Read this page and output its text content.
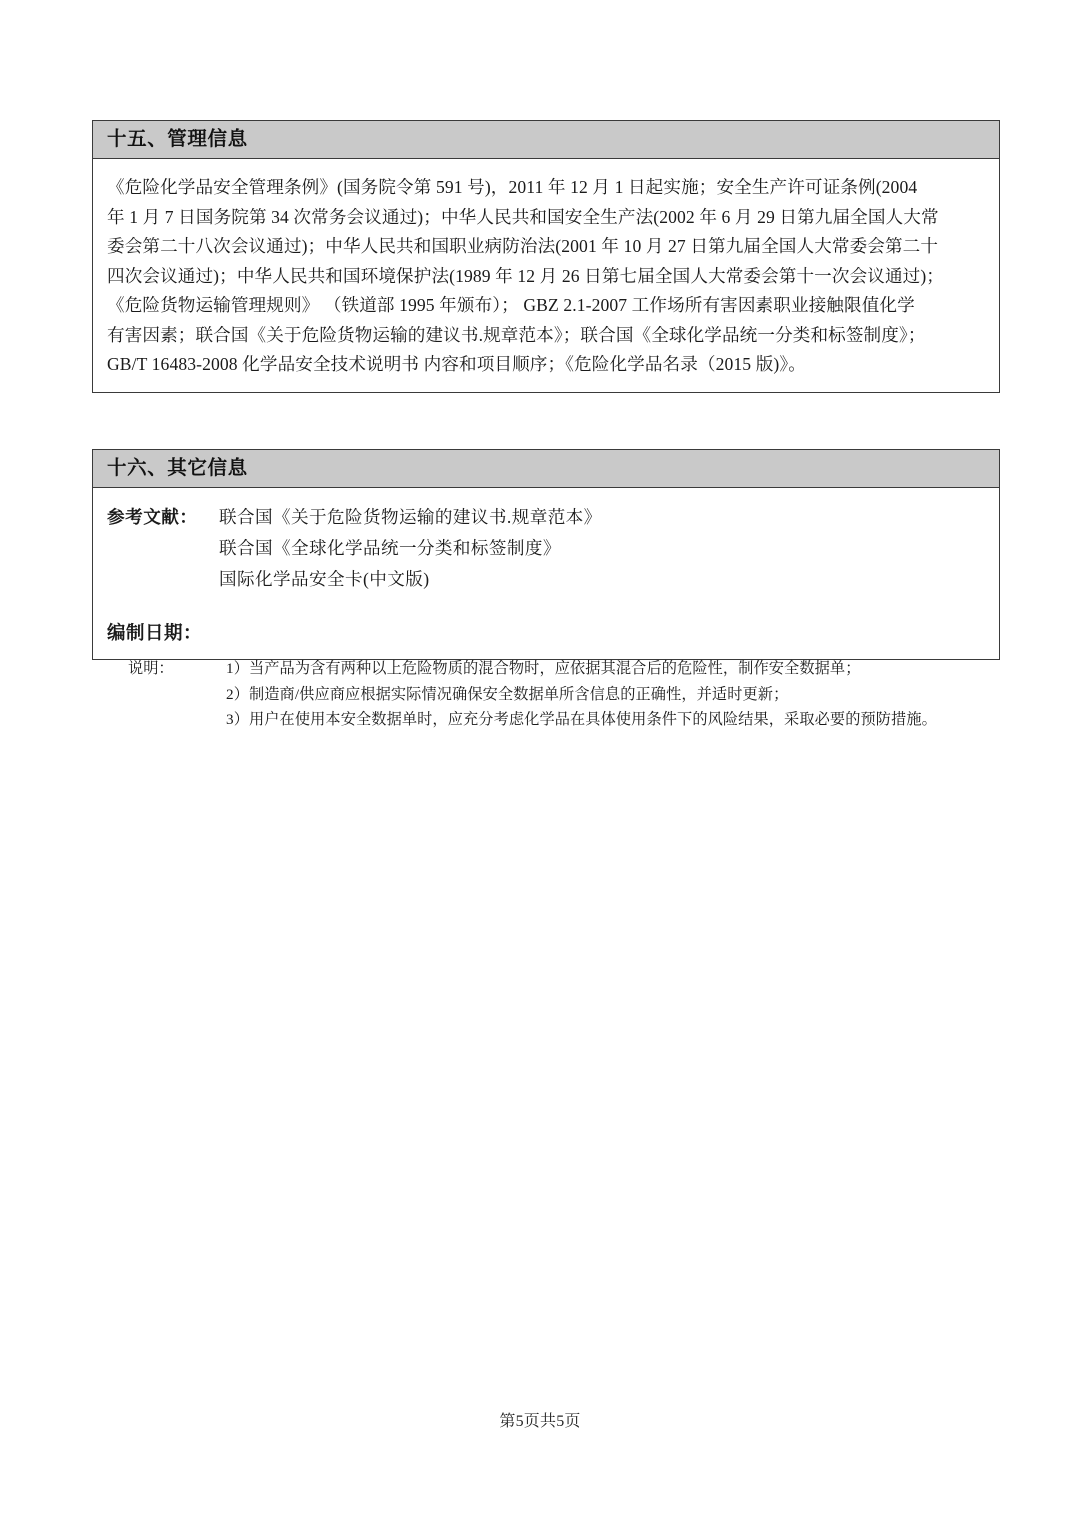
十五、管理信息
《危险化学品安全管理条例》(国务院令第 591 号)，2011 年 12 月 1 日起实施；安全生产许可证条例(2004
年 1 月 7 日国务院第 34 次常务会议通过)；中华人民共和国安全生产法(2002 年 6 月 29 日第九届全国人大常
委会第二十八次会议通过)；中华人民共和国职业病防治法(2001 年 10 月 27 日第九届全国人大常委会第二十
四次会议通过)；中华人民共和国环境保护法(1989 年 12 月 26 日第七届全国人大常委会第十一次会议通过)；
《危险货物运输管理规则》 （铁道部 1995 年颁布）； GBZ 2.1-2007 工作场所有害因素职业接触限值化学
有害因素；联合国《关于危险货物运输的建议书.规章范本》；联合国《全球化学品统一分类和标签制度》；
GB/T 16483-2008 化学品安全技术说明书 内容和项目顺序；《危险化学品名录（2015 版)》。
十六、其它信息
参考文献：	联合国《关于危险货物运输的建议书.规章范本》
联合国《全球化学品统一分类和标签制度》
国际化学品安全卡(中文版)
编制日期：
说明：	1）当产品为含有两种以上危险物质的混合物时，应依据其混合后的危险性，制作安全数据单；
2）制造商/供应商应根据实际情况确保安全数据单所含信息的正确性，并适时更新；
3）用户在使用本安全数据单时，应充分考虑化学品在具体使用条件下的风险结果，采取必要的预防措施。
第5页共5页
